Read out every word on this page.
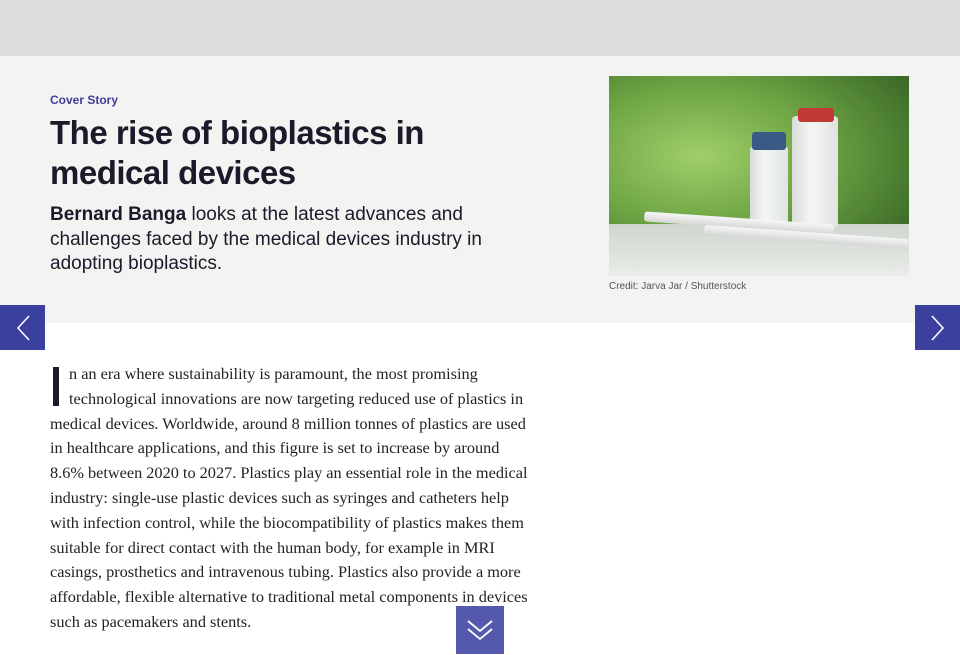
Cover Story
The rise of bioplastics in medical devices

Bernard Banga looks at the latest advances and challenges faced by the medical devices industry in adopting bioplastics.

Credit: Jarva Jar / Shutterstock
n an era where sustainability is paramount, the most promising
technological innovations are now targeting reduced use of plastics in
medical devices. Worldwide, around 8 million tonnes of plastics are used
in healthcare applications, and this figure is set to increase by around
8.6% between 2020 to 2027. Plastics play an essential role in the medical
industry: single-use plastic devices such as syringes and catheters help
with infection control, while the biocompatibility of plastics makes them
suitable for direct contact with the human body, for example in MRI
casings, prosthetics and intravenous tubing. Plastics also provide a more
affordable, flexible alternative to traditional metal components in devices
such as pacemakers and stents.
